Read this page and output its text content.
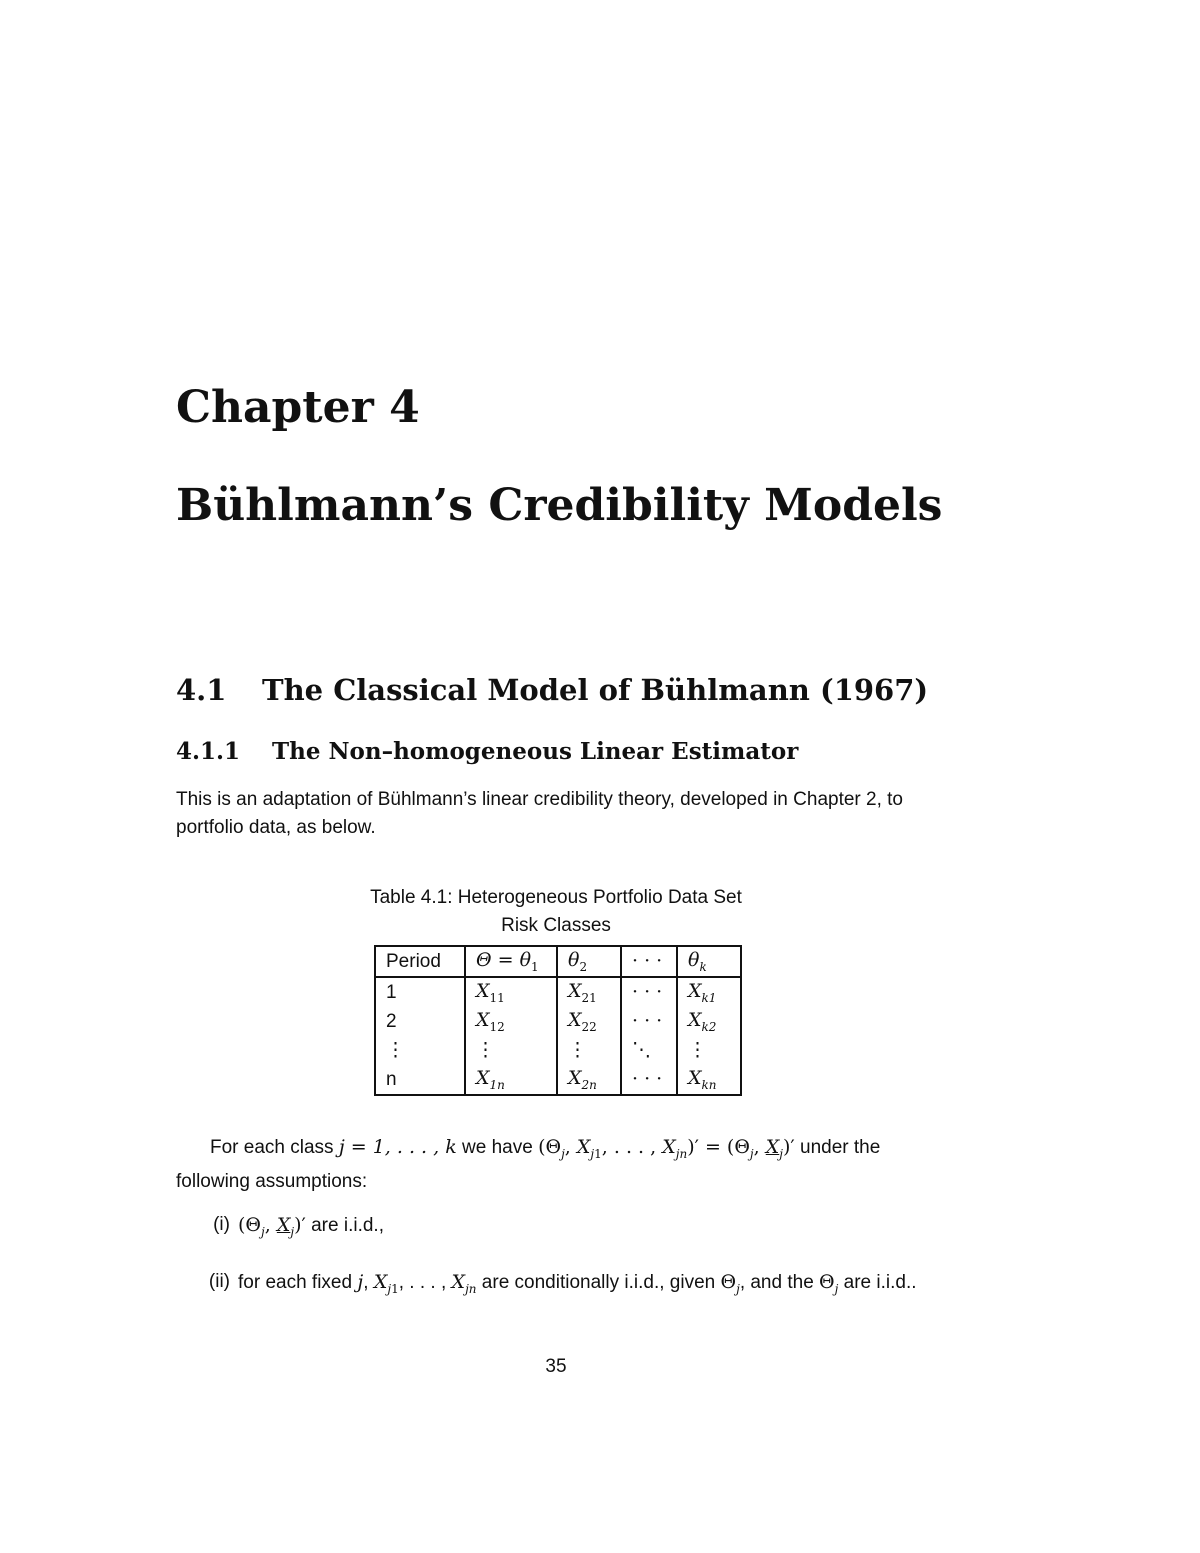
Chapter 4
Bühlmann’s Credibility Models
4.1 The Classical Model of Bühlmann (1967)
4.1.1 The Non–homogeneous Linear Estimator

This is an adaptation of Bühlmann’s linear credibility theory, developed in Chapter 2, to portfolio data, as below.

Table 4.1: Heterogeneous Portfolio Data Set

Risk Classes

Period	$\Theta = \theta_1$	$\theta_2$	· · ·	$\theta_k$
1	$X_{11}$	$X_{21}$	· · ·	$X_{k1}$
2	$X_{12}$	$X_{22}$	· · ·	$X_{k2}$
⋮	⋮	⋮	⋱	⋮
n	$X_{1n}$	$X_{2n}$	· · ·	$X_{kn}$

For each class j = 1, . . . , k we have ($\Theta_j$, $X_{j1}$, . . . , $X_{jn})' = (\Theta_j$, $X_j)'$ under the following assumptions:

(i) ($\Theta_j$, $X_j)'$ are i.i.d.,
(ii) for each fixed j, $X_{j1}$, . . . , $X_{jn}$ are conditionally i.i.d., given $\Theta_j$, and the $\Theta_j$ are i.i.d..

35
